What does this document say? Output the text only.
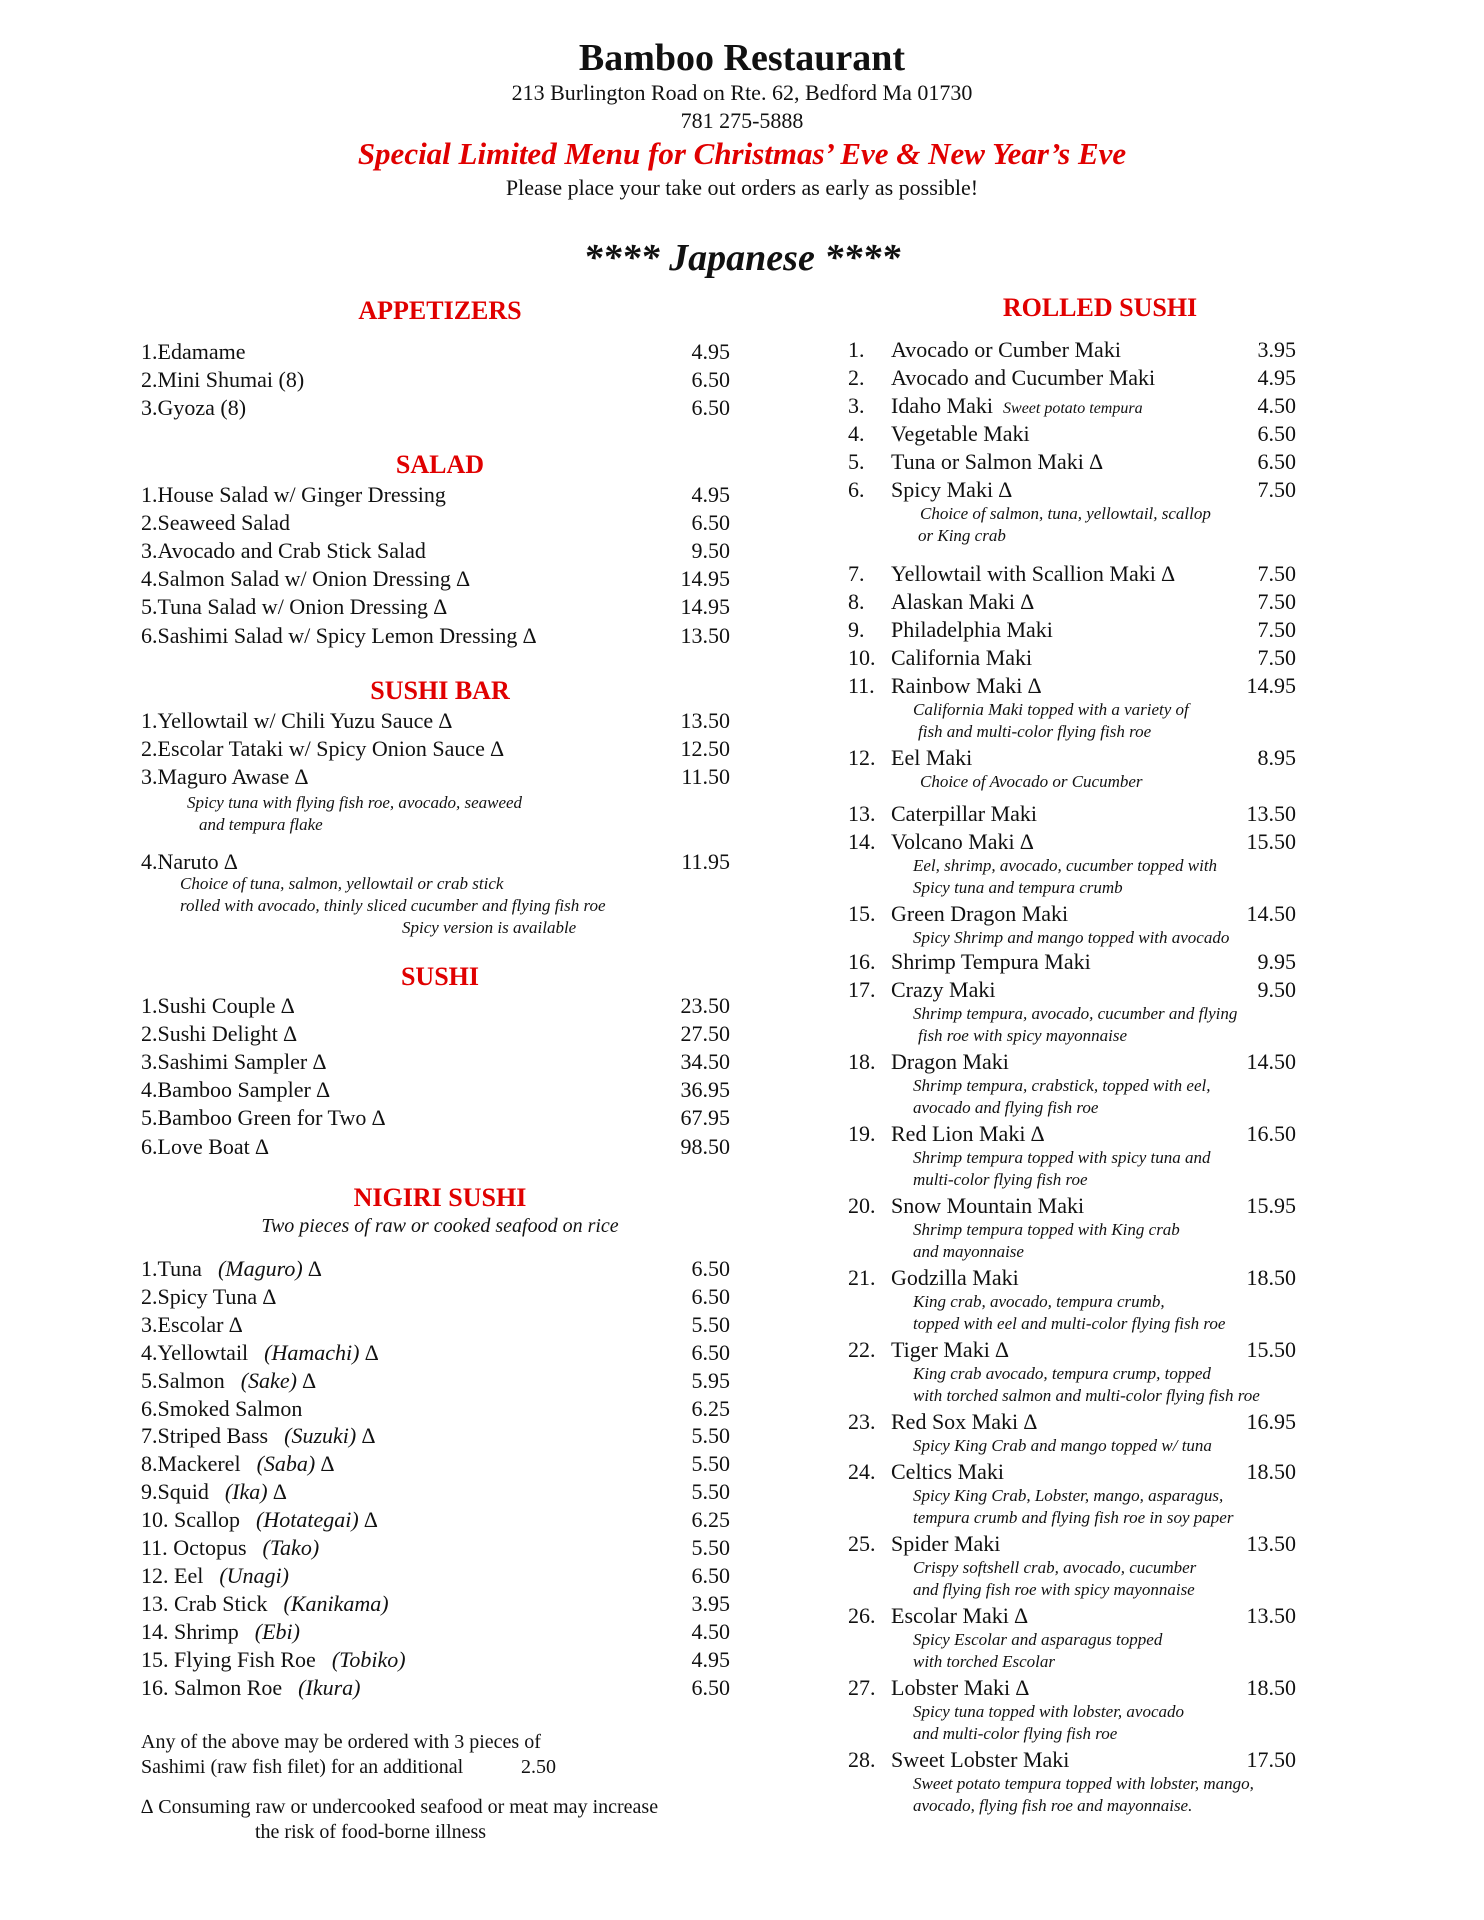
Bamboo Restaurant
213 Burlington Road on Rte. 62, Bedford Ma 01730
781 275-5888
Special Limited Menu for Christmas’ Eve & New Year’s Eve
Please place your take out orders as early as possible!
**** Japanese ****
APPETIZERS
1.Edamame	4.95
2.Mini Shumai (8)	6.50
3.Gyoza (8)	6.50
SALAD
1.House Salad w/ Ginger Dressing	4.95
2.Seaweed Salad	6.50
3.Avocado and Crab Stick Salad	9.50
4.Salmon Salad w/ Onion Dressing ∆	14.95
5.Tuna Salad w/ Onion Dressing ∆	14.95
6.Sashimi Salad w/ Spicy Lemon Dressing ∆	13.50
SUSHI BAR
1.Yellowtail w/ Chili Yuzu Sauce ∆	13.50
2.Escolar Tataki w/ Spicy Onion Sauce ∆	12.50
3.Maguro Awase ∆	11.50
Spicy tuna with flying fish roe, avocado, seaweed
and tempura flake
4.Naruto ∆	11.95
Choice of tuna, salmon, yellowtail or crab stick
rolled with avocado, thinly sliced cucumber and flying fish roe
Spicy version is available
SUSHI
1.Sushi Couple ∆	23.50
2.Sushi Delight ∆	27.50
3.Sashimi Sampler ∆	34.50
4.Bamboo Sampler ∆	36.95
5.Bamboo Green for Two ∆	67.95
6.Love Boat ∆	98.50
NIGIRI SUSHI
Two pieces of raw or cooked seafood on rice
1.Tuna (Maguro) ∆	6.50
2.Spicy Tuna ∆	6.50
3.Escolar ∆	5.50
4.Yellowtail (Hamachi) ∆	6.50
5.Salmon (Sake) ∆	5.95
6.Smoked Salmon	6.25
7.Striped Bass (Suzuki) ∆	5.50
8.Mackerel (Saba) ∆	5.50
9.Squid (Ika) ∆	5.50
10. Scallop (Hotategai) ∆	6.25
11. Octopus (Tako)	5.50
12. Eel (Unagi)	6.50
13. Crab Stick (Kanikama)	3.95
14. Shrimp (Ebi)	4.50
15. Flying Fish Roe (Tobiko)	4.95
16. Salmon Roe (Ikura)	6.50
Any of the above may be ordered with 3 pieces of
Sashimi (raw fish filet) for an additional	2.50
∆ Consuming raw or undercooked seafood or meat may increase
the risk of food-borne illness
ROLLED SUSHI
1. Avocado or Cumber Maki	3.95
2. Avocado and Cucumber Maki	4.95
3. Idaho Maki Sweet potato tempura	4.50
4. Vegetable Maki	6.50
5. Tuna or Salmon Maki ∆	6.50
6. Spicy Maki ∆	7.50
Choice of salmon, tuna, yellowtail, scallop
or King crab
7. Yellowtail with Scallion Maki ∆	7.50
8. Alaskan Maki ∆	7.50
9. Philadelphia Maki	7.50
10. California Maki	7.50
11. Rainbow Maki ∆	14.95
California Maki topped with a variety of
fish and multi-color flying fish roe
12. Eel Maki	8.95
Choice of Avocado or Cucumber
13. Caterpillar Maki	13.50
14. Volcano Maki ∆	15.50
Eel, shrimp, avocado, cucumber topped with
Spicy tuna and tempura crumb
15. Green Dragon Maki	14.50
Spicy Shrimp and mango topped with avocado
16. Shrimp Tempura Maki	9.95
17. Crazy Maki	9.50
Shrimp tempura, avocado, cucumber and flying
fish roe with spicy mayonnaise
18. Dragon Maki	14.50
Shrimp tempura, crabstick, topped with eel,
avocado and flying fish roe
19. Red Lion Maki ∆	16.50
Shrimp tempura topped with spicy tuna and
multi-color flying fish roe
20. Snow Mountain Maki	15.95
Shrimp tempura topped with King crab
and mayonnaise
21. Godzilla Maki	18.50
King crab, avocado, tempura crumb,
topped with eel and multi-color flying fish roe
22. Tiger Maki ∆	15.50
King crab avocado, tempura crump, topped
with torched salmon and multi-color flying fish roe
23. Red Sox Maki ∆	16.95
Spicy King Crab and mango topped w/ tuna
24. Celtics Maki	18.50
Spicy King Crab, Lobster, mango, asparagus,
tempura crumb and flying fish roe in soy paper
25. Spider Maki	13.50
Crispy softshell crab, avocado, cucumber
and flying fish roe with spicy mayonnaise
26. Escolar Maki ∆	13.50
Spicy Escolar and asparagus topped
with torched Escolar
27. Lobster Maki ∆	18.50
Spicy tuna topped with lobster, avocado
and multi-color flying fish roe
28. Sweet Lobster Maki	17.50
Sweet potato tempura topped with lobster, mango,
avocado, flying fish roe and mayonnaise.
